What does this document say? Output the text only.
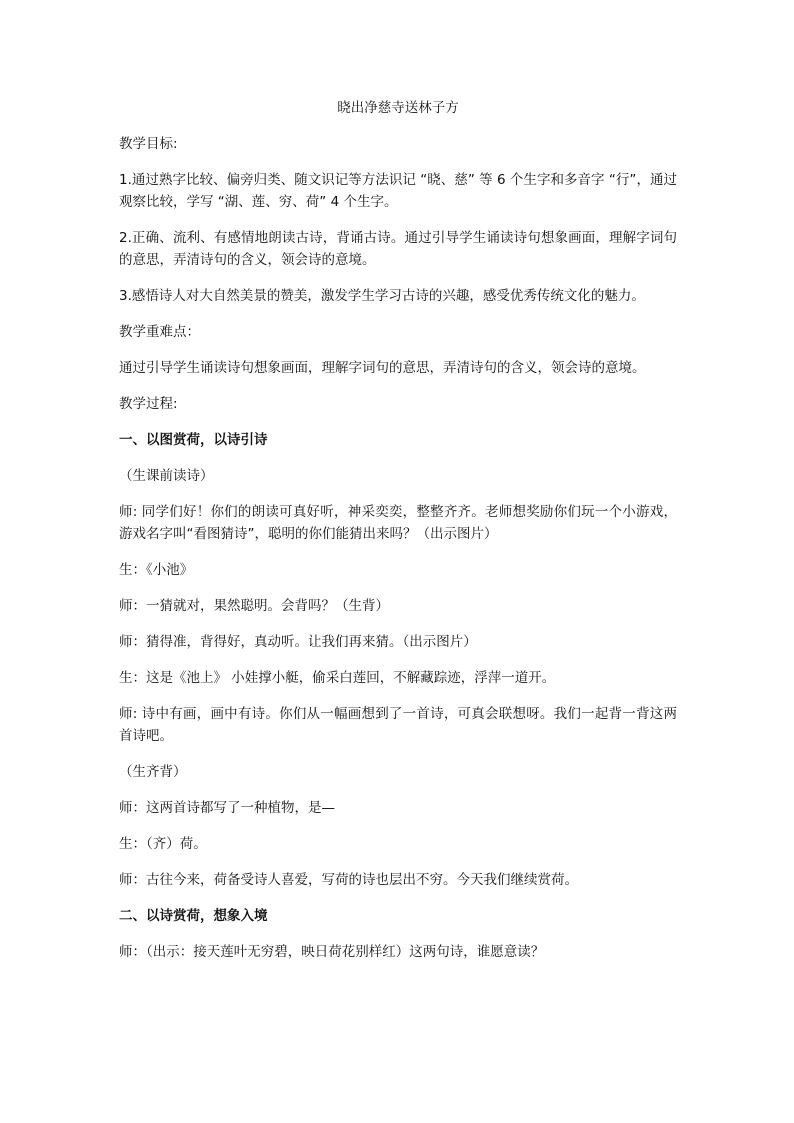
晓出净慈寺送林子方

教学目标:

1.通过熟字比较、偏旁归类、随文识记等方法识记 “晓、慈” 等 6 个生字和多音字 “行”，通过观察比较，学写 “湖、莲、穷、荷” 4 个生字。

2.正确、流利、有感情地朗读古诗，背诵古诗。通过引导学生诵读诗句想象画面，理解字词句的意思，弄清诗句的含义，领会诗的意境。

3.感悟诗人对大自然美景的赞美，激发学生学习古诗的兴趣，感受优秀传统文化的魅力。

教学重难点：

通过引导学生诵读诗句想象画面，理解字词句的意思，弄清诗句的含义，领会诗的意境。

教学过程:

一、以图赏荷，以诗引诗

（生课前读诗）

师: 同学们好！你们的朗读可真好听，神采奕奕，整整齐齐。老师想奖励你们玩一个小游戏，游戏名字叫“看图猜诗”，聪明的你们能猜出来吗？（出示图片）

生：《小池》

师：一猜就对，果然聪明。会背吗？（生背）

师：猜得准，背得好，真动听。让我们再来猜。（出示图片）

生：这是《池上》 小娃撑小艇，偷采白莲回，不解藏踪迹，浮萍一道开。

师: 诗中有画，画中有诗。你们从一幅画想到了一首诗，可真会联想呀。我们一起背一背这两首诗吧。

（生齐背）

师：这两首诗都写了一种植物，是—

生：（齐）荷。

师：古往今来，荷备受诗人喜爱，写荷的诗也层出不穷。今天我们继续赏荷。

二、以诗赏荷，想象入境

师：（出示：接天莲叶无穷碧，映日荷花别样红）这两句诗，谁愿意读？
